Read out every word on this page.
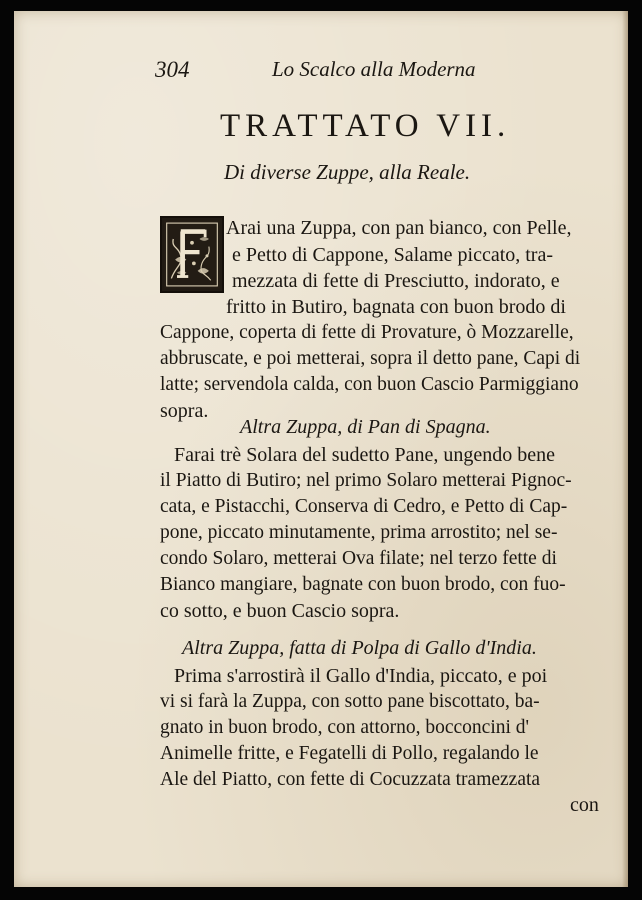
304	Lo Scalco alla Moderna
TRATTATO VII.
Di diverse Zuppe, alla Reale.
Arai una Zuppa, con pan bianco, con Pelle,
e Petto di Cappone, Salame piccato, tra-
mezzata di fette di Presciutto, indorato, e
fritto in Butiro, bagnata con buon brodo di
Cappone, coperta di fette di Provature, ò Mozzarelle,
abbruscate, e poi metterai, sopra il detto pane, Capi di
latte; servendola calda, con buon Cascio Parmiggiano
sopra.
Altra Zuppa, di Pan di Spagna.
Farai trè Solara del sudetto Pane, ungendo bene
il Piatto di Butiro; nel primo Solaro metterai Pignoc-
cata, e Pistacchi, Conserva di Cedro, e Petto di Cap-
pone, piccato minutamente, prima arrostito; nel se-
condo Solaro, metterai Ova filate; nel terzo fette di
Bianco mangiare, bagnate con buon brodo, con fuo-
co sotto, e buon Cascio sopra.
Altra Zuppa, fatta di Polpa di Gallo d'India.
Prima s'arrostirà il Gallo d'India, piccato, e poi
vi si farà la Zuppa, con sotto pane biscottato, ba-
gnato in buon brodo, con attorno, bocconcini d'
Animelle fritte, e Fegatelli di Pollo, regalando le
Ale del Piatto, con fette di Cocuzzata tramezzata
con
